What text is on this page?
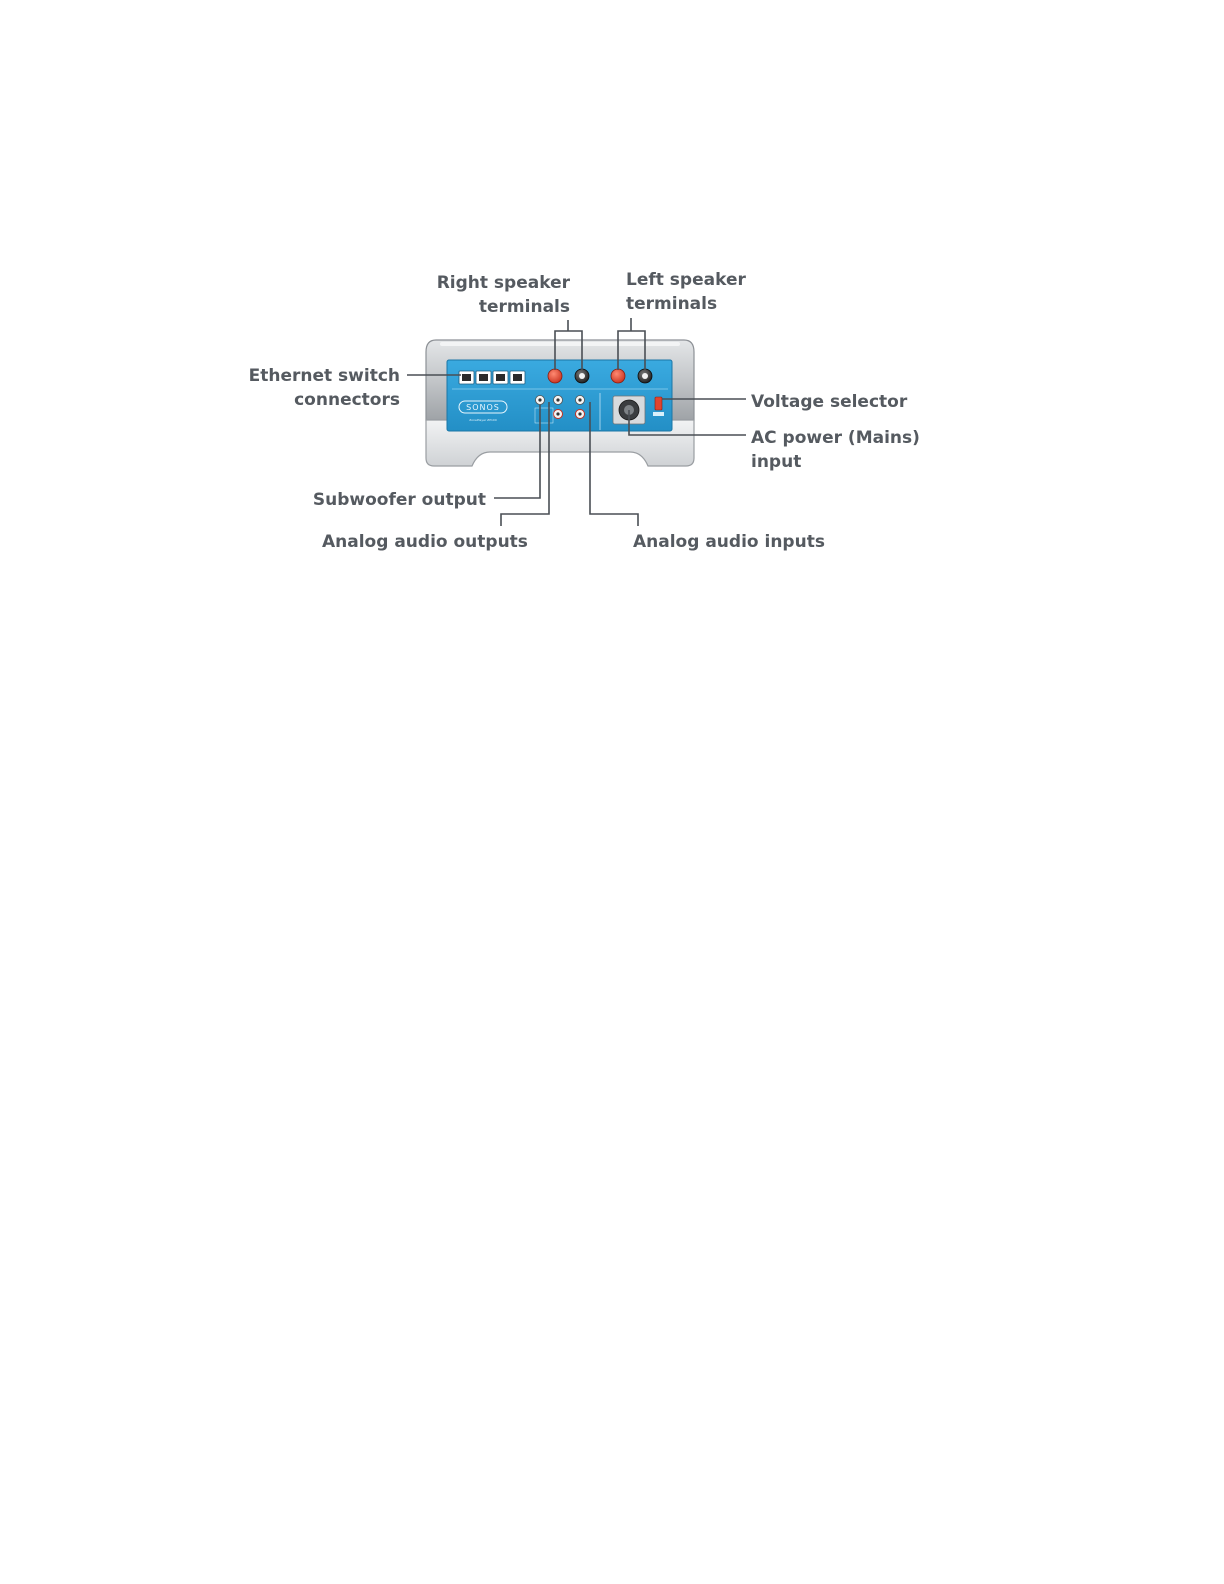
SONOS
ZonePlayer ZP100
Right speaker
terminals
Left speaker
terminals
Ethernet switch
connectors	Voltage selector
AC power (Mains)
input
Subwoofer output
Analog audio outputs	Analog audio inputs
